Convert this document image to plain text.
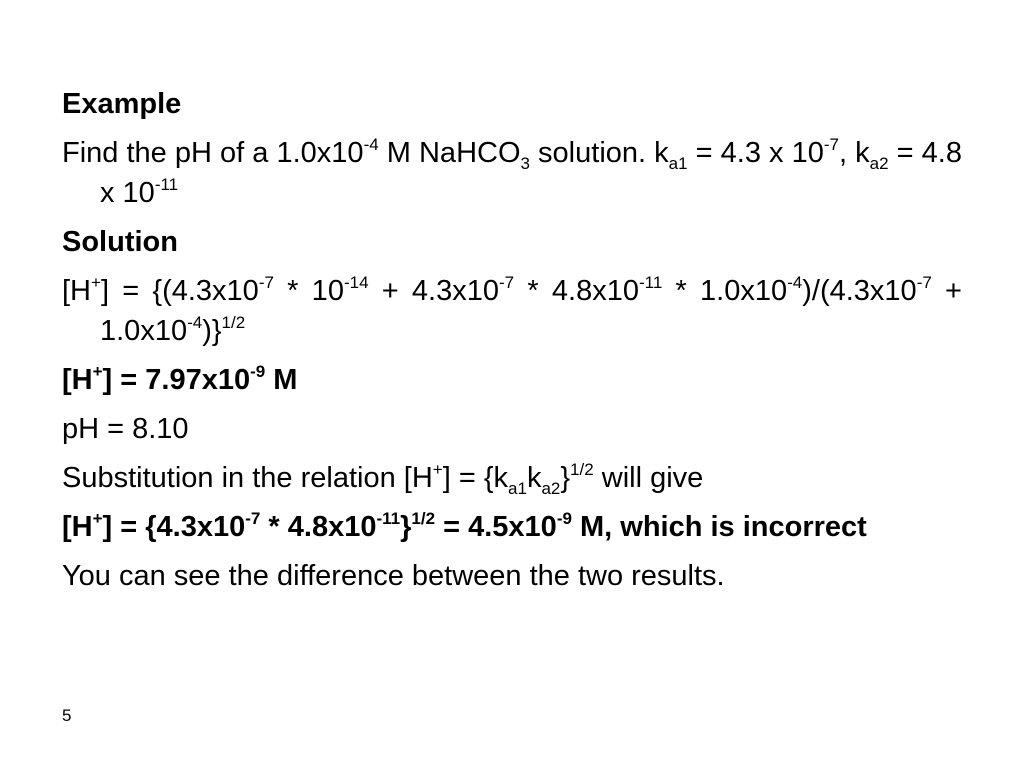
Example

Find the pH of a $1.0x10^{-4}$ M NaHCO$_3$ solution. $k_{a1} = 4.3$ x $10^{-7}$, $k_{a2} = 4.8$ x $10^{-11}$

Solution

$[H^+] = \{(4.3x10^{-7} * 10^{-14} + 4.3x10^{-7} * 4.8x10^{-11} * 1.0x10^{-4})/(4.3x10^{-7} + 1.0x10^{-4})\}^{1/2}$

$[H^+] = 7.97x10^{-9}$ M

pH = 8.10

Substitution in the relation $[H^+] = \{k_{a1}k_{a2}\}^{1/2}$ will give

$[H^+] = \{4.3x10^{-7} * 4.8x10^{-11}\}^{1/2} = 4.5x10^{-9}$ M, which is incorrect

You can see the difference between the two results.

5
